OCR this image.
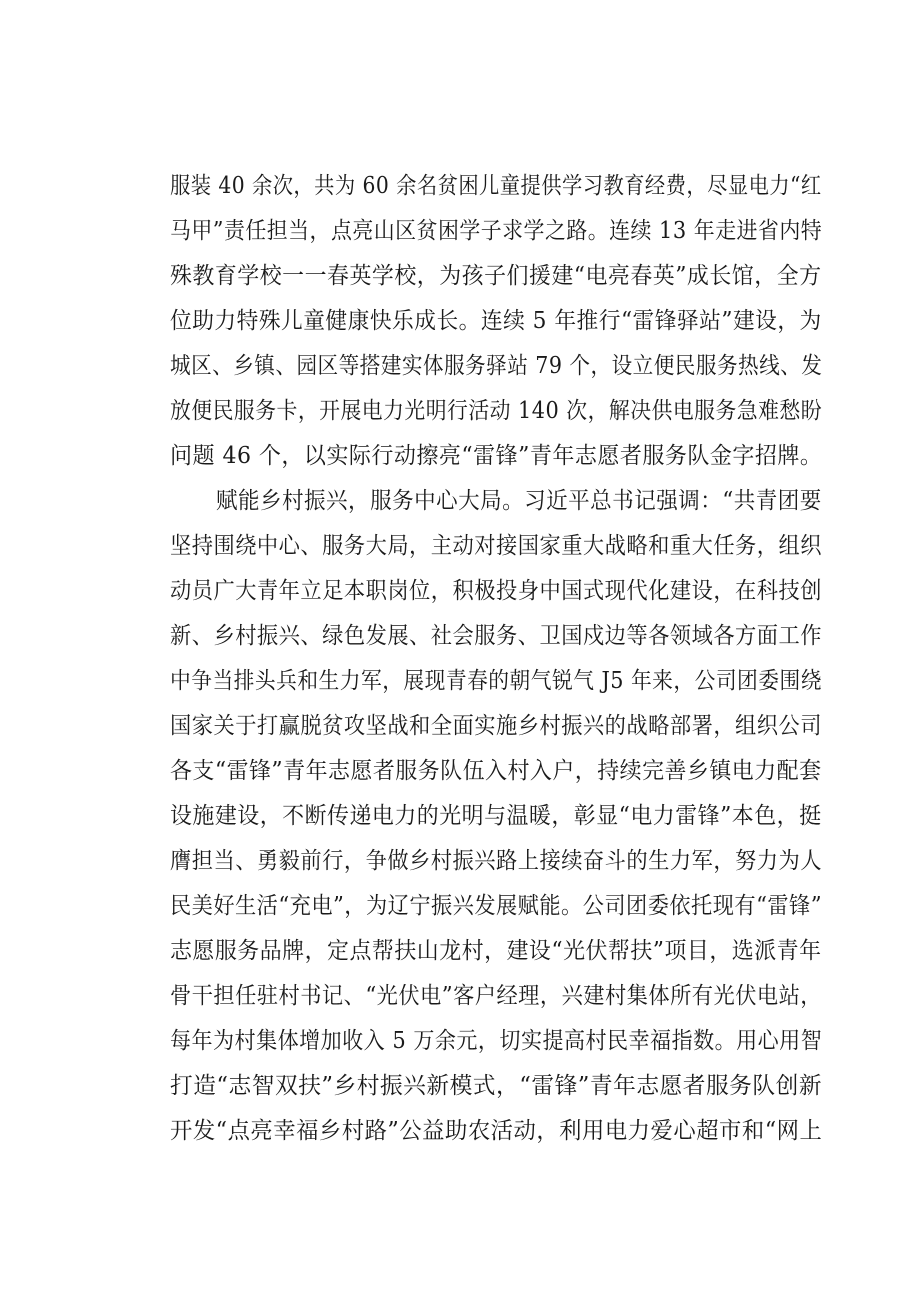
服装 40 余次，共为 60 余名贫困儿童提供学习教育经费，尽显电力“红
马甲”责任担当，点亮山区贫困学子求学之路。连续 13 年走进省内特
殊教育学校一一春英学校，为孩子们援建“电亮春英”成长馆，全方
位助力特殊儿童健康快乐成长。连续 5 年推行“雷锋驿站”建设，为
城区、乡镇、园区等搭建实体服务驿站 79 个，设立便民服务热线、发
放便民服务卡，开展电力光明行活动 140 次，解决供电服务急难愁盼
问题 46 个，以实际行动擦亮“雷锋”青年志愿者服务队金字招牌。
赋能乡村振兴，服务中心大局。习近平总书记强调：“共青团要
坚持围绕中心、服务大局，主动对接国家重大战略和重大任务，组织
动员广大青年立足本职岗位，积极投身中国式现代化建设，在科技创
新、乡村振兴、绿色发展、社会服务、卫国戍边等各领域各方面工作
中争当排头兵和生力军，展现青春的朝气锐气 J5 年来，公司团委围绕
国家关于打赢脱贫攻坚战和全面实施乡村振兴的战略部署，组织公司
各支“雷锋”青年志愿者服务队伍入村入户，持续完善乡镇电力配套
设施建设，不断传递电力的光明与温暖，彰显“电力雷锋”本色，挺
膺担当、勇毅前行，争做乡村振兴路上接续奋斗的生力军，努力为人
民美好生活“充电”，为辽宁振兴发展赋能。公司团委依托现有“雷锋”
志愿服务品牌，定点帮扶山龙村，建设“光伏帮扶”项目，选派青年
骨干担任驻村书记、“光伏电”客户经理，兴建村集体所有光伏电站，
每年为村集体增加收入 5 万余元，切实提高村民幸福指数。用心用智
打造“志智双扶”乡村振兴新模式，“雷锋”青年志愿者服务队创新
开发“点亮幸福乡村路”公益助农活动，利用电力爱心超市和“网上
